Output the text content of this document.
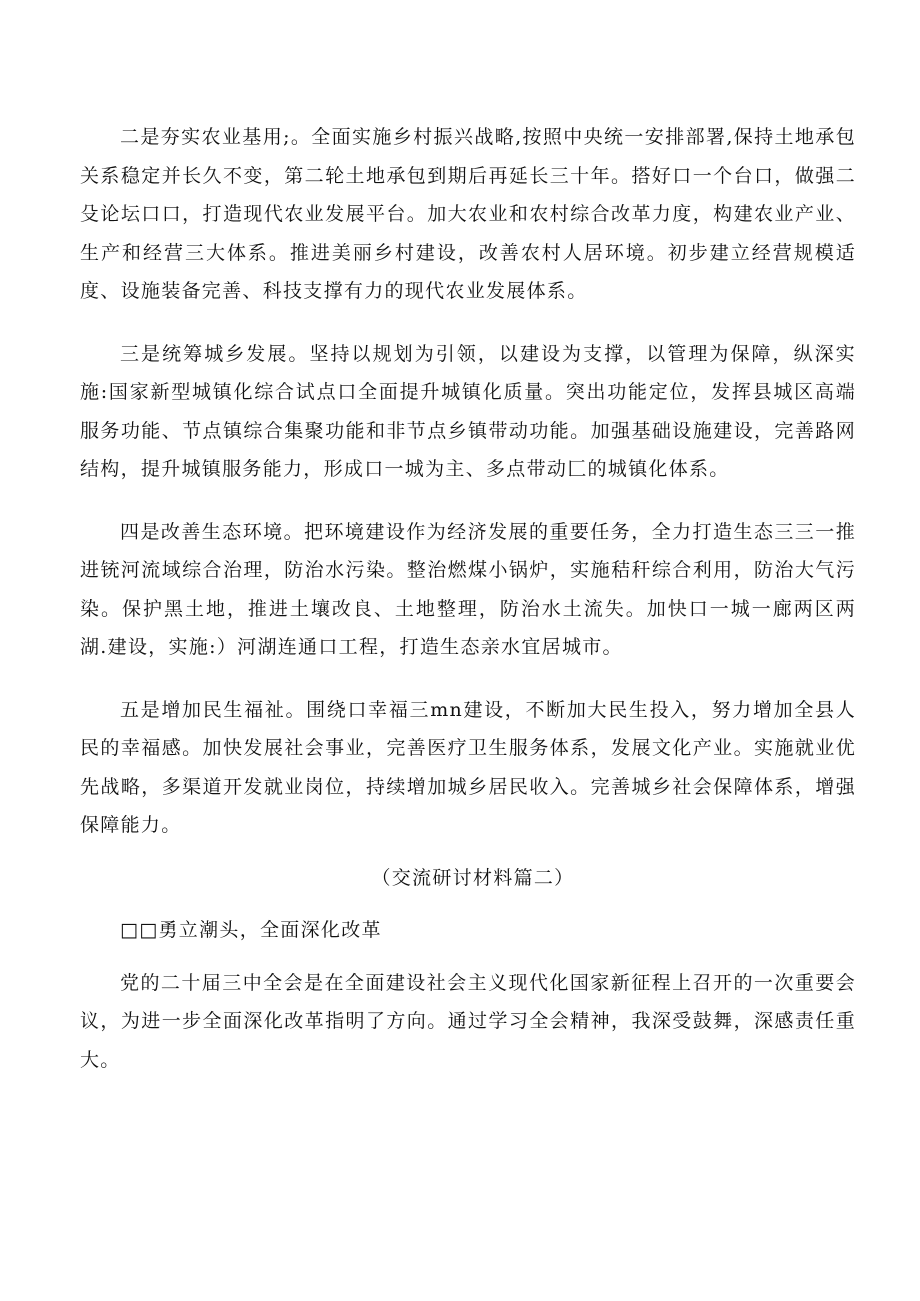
二是夯实农业基用;。全面实施乡村振兴战略,按照中央统一安排部署,保持土地承包关系稳定并长久不变，第二轮土地承包到期后再延长三十年。搭好口一个台口，做强二殳论坛口口，打造现代农业发展平台。加大农业和农村综合改革力度，构建农业产业、生产和经营三大体系。推进美丽乡村建设，改善农村人居环境。初步建立经营规模适度、设施装备完善、科技支撑有力的现代农业发展体系。

三是统筹城乡发展。坚持以规划为引领，以建设为支撑，以管理为保障，纵深实施:国家新型城镇化综合试点口全面提升城镇化质量。突出功能定位，发挥县城区高端服务功能、节点镇综合集聚功能和非节点乡镇带动功能。加强基础设施建设，完善路网结构，提升城镇服务能力，形成口一城为主、多点带动匚的城镇化体系。

四是改善生态环境。把环境建设作为经济发展的重要任务，全力打造生态三三一推进铳河流域综合治理，防治水污染。整治燃煤小锅炉，实施秸秆综合利用，防治大气污染。保护黑土地，推进土壤改良、土地整理，防治水土流失。加快口一城一廊两区两湖.建设，实施:）河湖连通口工程，打造生态亲水宜居城市。

五是增加民生福祉。围绕口幸福三mn建设，不断加大民生投入，努力增加全县人民的幸福感。加快发展社会事业，完善医疗卫生服务体系，发展文化产业。实施就业优先战略，多渠道开发就业岗位，持续增加城乡居民收入。完善城乡社会保障体系，增强保障能力。

（交流研讨材料篇二）

□□勇立潮头，全面深化改革

党的二十届三中全会是在全面建设社会主义现代化国家新征程上召开的一次重要会议，为进一步全面深化改革指明了方向。通过学习全会精神，我深受鼓舞，深感责任重大。
